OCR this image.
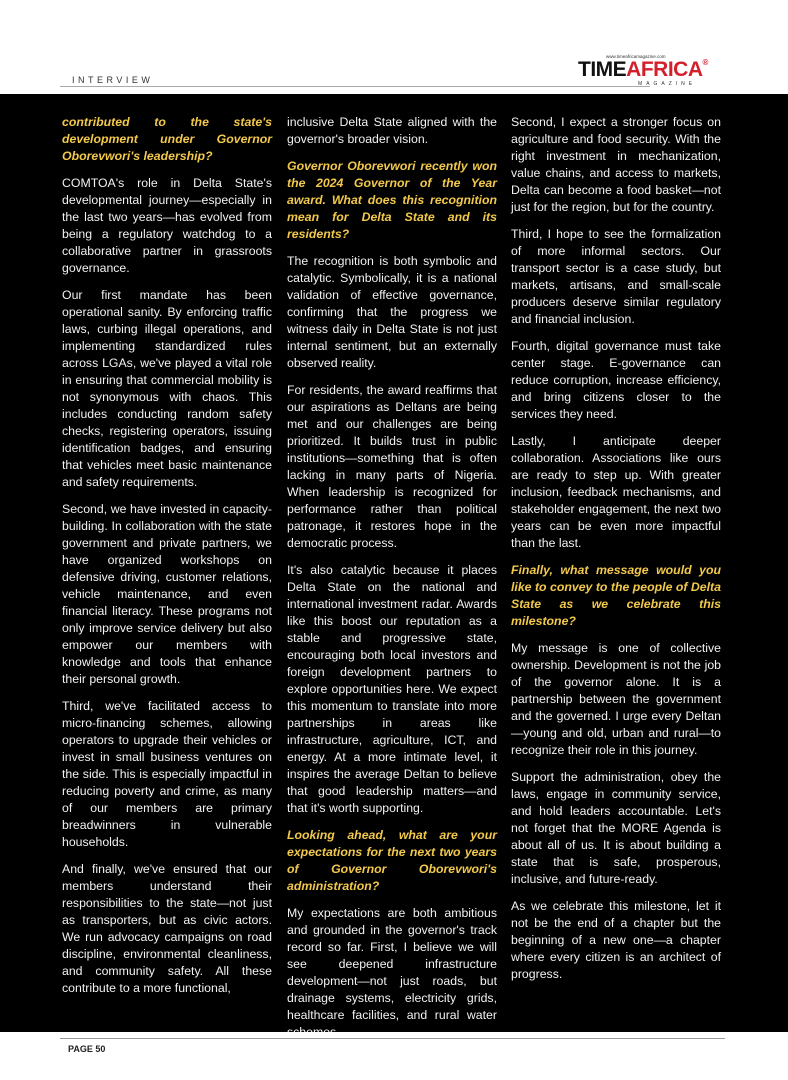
INTERVIEW
www.timeafricamagazine.com
TIMEAFRICA®
MAGAZINE

contributed to the state's development under Governor Oborevwori's leadership?

COMTOA's role in Delta State's developmental journey—especially in the last two years—has evolved from being a regulatory watchdog to a collaborative partner in grassroots governance.

Our first mandate has been operational sanity. By enforcing traffic laws, curbing illegal operations, and implementing standardized rules across LGAs, we've played a vital role in ensuring that commercial mobility is not synonymous with chaos. This includes conducting random safety checks, registering operators, issuing identification badges, and ensuring that vehicles meet basic maintenance and safety requirements.

Second, we have invested in capacity-building. In collaboration with the state government and private partners, we have organized workshops on defensive driving, customer relations, vehicle maintenance, and even financial literacy. These programs not only improve service delivery but also empower our members with knowledge and tools that enhance their personal growth.

Third, we've facilitated access to micro-financing schemes, allowing operators to upgrade their vehicles or invest in small business ventures on the side. This is especially impactful in reducing poverty and crime, as many of our members are primary breadwinners in vulnerable households.

And finally, we've ensured that our members understand their responsibilities to the state—not just as transporters, but as civic actors. We run advocacy campaigns on road discipline, environmental cleanliness, and community safety. All these contribute to a more functional,

inclusive Delta State aligned with the governor's broader vision.

Governor Oborevwori recently won the 2024 Governor of the Year award. What does this recognition mean for Delta State and its residents?

The recognition is both symbolic and catalytic. Symbolically, it is a national validation of effective governance, confirming that the progress we witness daily in Delta State is not just internal sentiment, but an externally observed reality.

For residents, the award reaffirms that our aspirations as Deltans are being met and our challenges are being prioritized. It builds trust in public institutions—something that is often lacking in many parts of Nigeria. When leadership is recognized for performance rather than political patronage, it restores hope in the democratic process.

It's also catalytic because it places Delta State on the national and international investment radar. Awards like this boost our reputation as a stable and progressive state, encouraging both local investors and foreign development partners to explore opportunities here. We expect this momentum to translate into more partnerships in areas like infrastructure, agriculture, ICT, and energy. At a more intimate level, it inspires the average Deltan to believe that good leadership matters—and that it's worth supporting.

Looking ahead, what are your expectations for the next two years of Governor Oborevwori's administration?

My expectations are both ambitious and grounded in the governor's track record so far. First, I believe we will see deepened infrastructure development—not just roads, but drainage systems, electricity grids, healthcare facilities, and rural water

Second, I expect a stronger focus on agriculture and food security. With the right investment in mechanization, value chains, and access to markets, Delta can become a food basket—not just for the region, but for the country.

Third, I hope to see the formalization of more informal sectors. Our transport sector is a case study, but markets, artisans, and small-scale producers deserve similar regulatory and financial inclusion.

Fourth, digital governance must take center stage. E-governance can reduce corruption, increase efficiency, and bring citizens closer to the services they need.

Lastly, I anticipate deeper collaboration. Associations like ours are ready to step up. With greater inclusion, feedback mechanisms, and stakeholder engagement, the next two years can be even more impactful than the last.

Finally, what message would you like to convey to the people of Delta State as we celebrate this milestone?

My message is one of collective ownership. Development is not the job of the governor alone. It is a partnership between the government and the governed. I urge every Deltan—young and old, urban and rural—to recognize their role in this journey.

Support the administration, obey the laws, engage in community service, and hold leaders accountable. Let's not forget that the MORE Agenda is about all of us. It is about building a state that is safe, prosperous, inclusive, and future-ready.

As we celebrate this milestone, let it not be the end of a chapter but the beginning of a new one—a chapter where every citizen is an architect of progress.

PAGE 50
